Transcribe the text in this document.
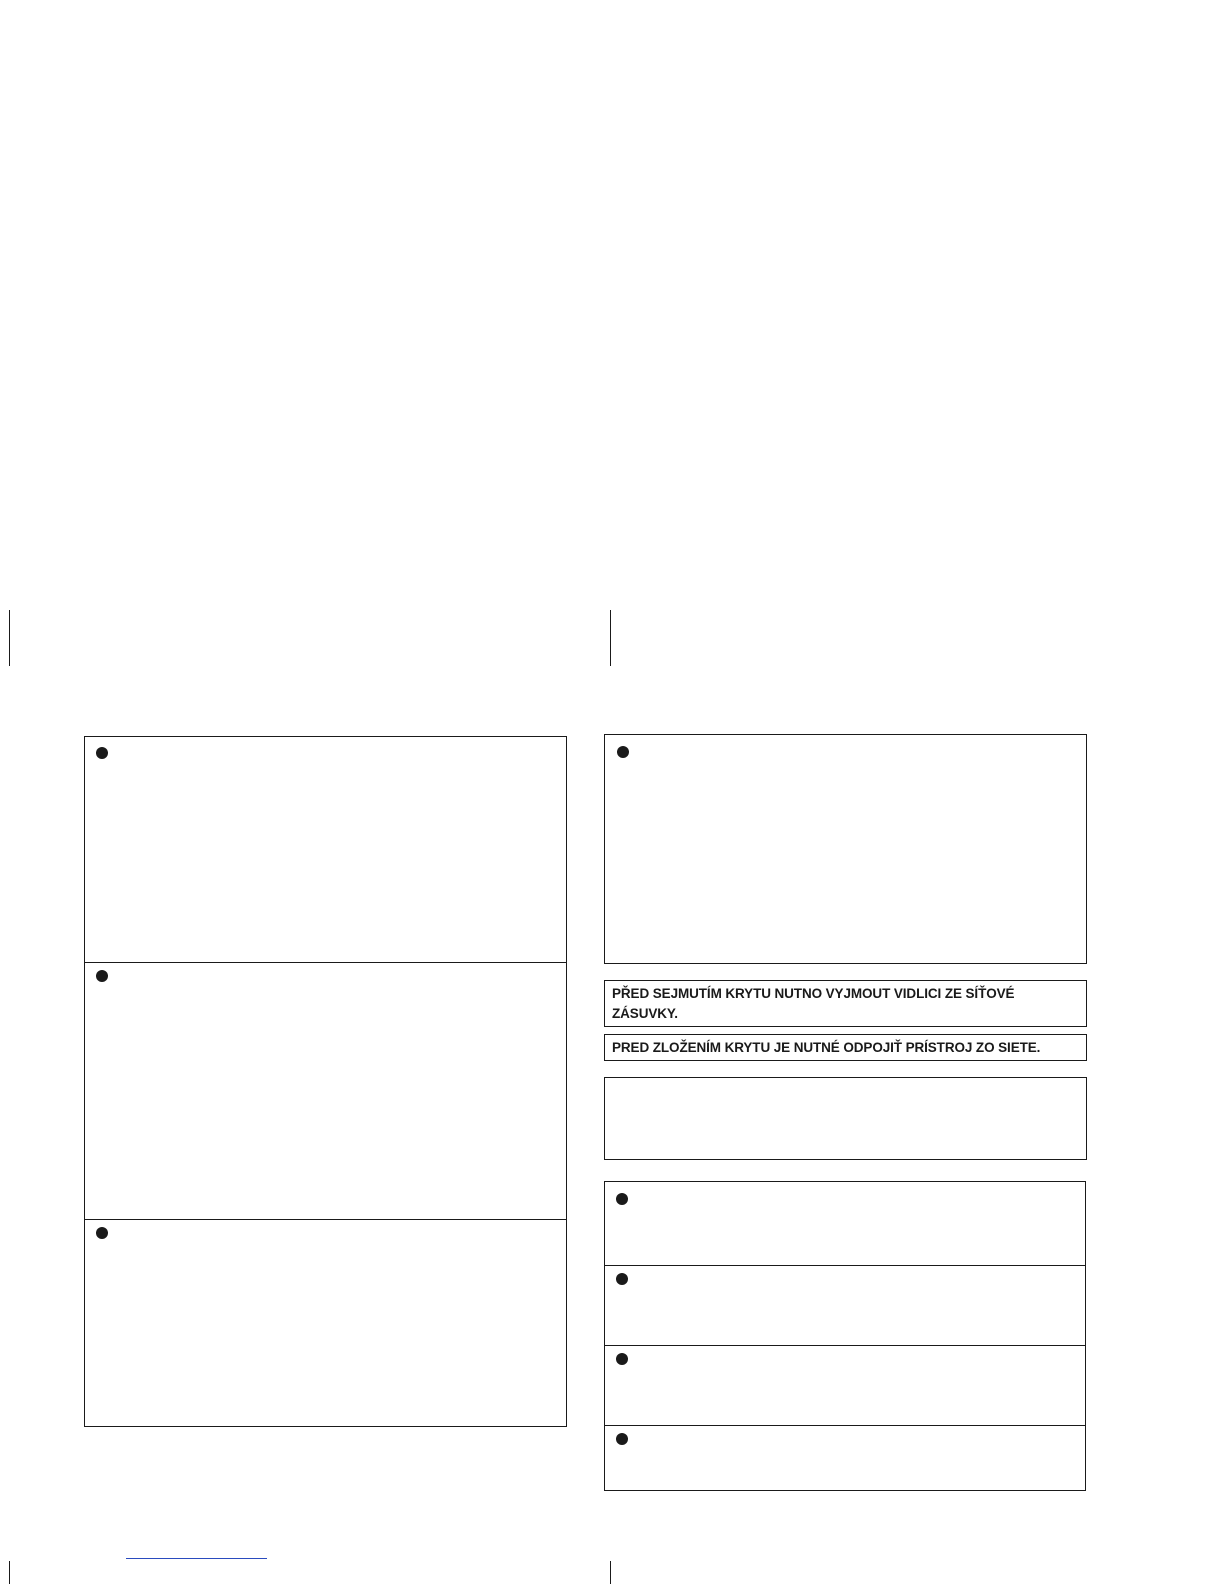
PŘED SEJMUTÍM KRYTU NUTNO VYJMOUT VIDLICI ZE SÍŤOVÉ ZÁSUVKY.
PRED ZLOŽENÍM KRYTU JE NUTNÉ ODPOJIŤ PRÍSTROJ ZO SIETE.
